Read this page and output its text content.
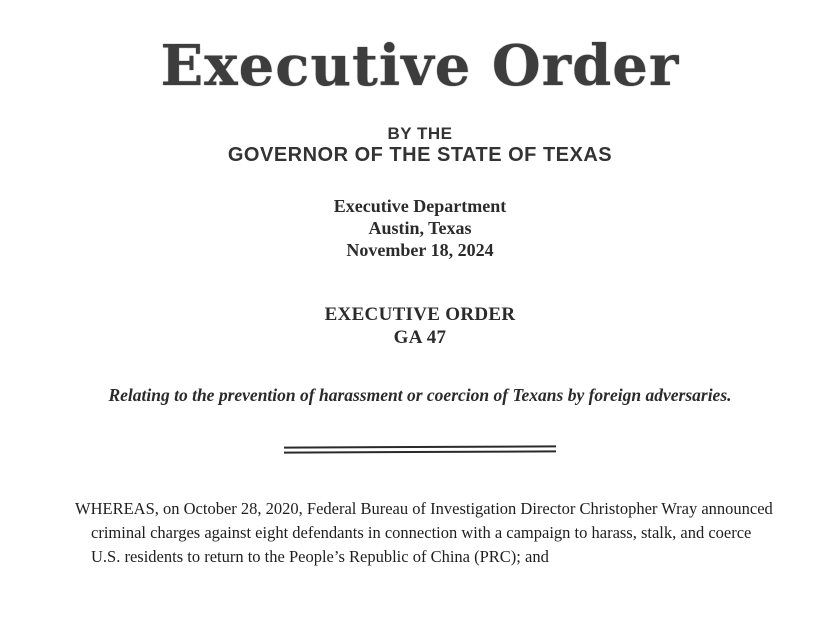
Executive Order
BY THE
GOVERNOR OF THE STATE OF TEXAS
Executive Department
Austin, Texas
November 18, 2024
EXECUTIVE ORDER
GA 47
Relating to the prevention of harassment or coercion of Texans by foreign adversaries.

WHEREAS, on October 28, 2020, Federal Bureau of Investigation Director Christopher Wray announced criminal charges against eight defendants in connection with a campaign to harass, stalk, and coerce U.S. residents to return to the People’s Republic of China (PRC); and
